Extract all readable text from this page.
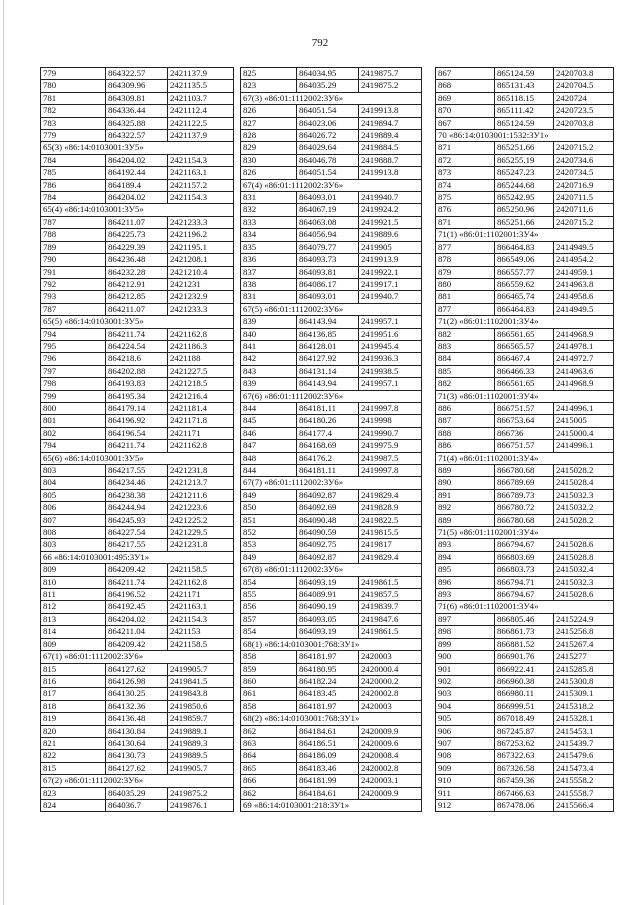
792
779	864322.57	2421137.9
780	864309.96	2421135.5
781	864309.81	2421103.7
782	864336.44	2421112.4
783	864325.88	2421122.5
779	864322.57	2421137.9
65(3) «86:14:0103001:3У5»		
784	864204.02	2421154.3
785	864192.44	2421163.1
786	864189.4	2421157.2
784	864204.02	2421154.3
65(4) «86:14:0103001:3У5»		
787	864211.07	2421233.3
788	864225.73	2421196.2
789	864229.39	2421195.1
790	864236.48	2421208.1
791	864232.28	2421210.4
792	864212.91	2421231
793	864212.85	2421232.9
787	864211.07	2421233.3
65(5) «86:14:0103001:3У5»		
794	864211.74	2421162.8
795	864224.54	2421186.3
796	864218.6	2421188
797	864202.88	2421227.5
798	864193.83	2421218.5
799	864195.34	2421216.4
800	864179.14	2421181.4
801	864196.92	2421171.8
802	864196.54	2421171
794	864211.74	2421162.8
65(6) «86:14:0103001:3У5»		
803	864217.55	2421231.8
804	864234.46	2421213.7
805	864238.38	2421211.6
806	864244.94	2421223.6
807	864245.93	2421225.2
808	864227.54	2421229.5
803	864217.55	2421231.8
66 «86:14:0103001:495:3У1»		
809	864209.42	2421158.5
810	864211.74	2421162.8
811	864196.52	2421171
812	864192.45	2421163.1
813	864204.02	2421154.3
814	864211.04	2421153
809	864209.42	2421158.5
67(1) «86:01:1112002:3У6»		
815	864127.62	2419905.7
816	864126.98	2419841.5
817	864130.25	2419843.8
818	864132.36	2419850.6
819	864136.48	2419859.7
820	864130.84	2419889.1
821	864130.64	2419889.3
822	864130.73	2419889.5
815	864127.62	2419905.7
67(2) «86:01:1112002:3У6»		
823	864035.29	2419875.2
824	864036.7	2419876.1
825	864034.95	2419875.7
823	864035.29	2419875.2
67(3) «86:01:1112002:3У6»		
826	864051.54	2419913.8
827	864023.06	2419894.7
828	864026.72	2419889.4
829	864029.64	2419884.5
830	864046.78	2419888.7
826	864051.54	2419913.8
67(4) «86:01:1112002:3У6»		
831	864093.01	2419940.7
832	864067.19	2419924.2
833	864063.08	2419921.5
834	864056.94	2419889.6
835	864079.77	2419905
836	864093.73	2419913.9
837	864093.81	2419922.1
838	864086.17	2419917.1
831	864093.01	2419940.7
67(5) «86:01:1112002:3У6»		
839	864143.94	2419957.1
840	864136.85	2419951.6
841	864128.01	2419945.4
842	864127.92	2419936.3
843	864131.14	2419938.5
839	864143.94	2419957.1
67(6) «86:01:1112002:3У6»		
844	864181.11	2419997.8
845	864180.26	2419998
846	864177.4	2419990.7
847	864168.69	2419975.9
848	864176.2	2419987.5
844	864181.11	2419997.8
67(7) «86:01:1112002:3У6»		
849	864092.87	2419829.4
850	864092.69	2419828.9
851	864090.48	2419822.5
852	864090.59	2419815.5
853	864092.75	2419817
849	864092.87	2419829.4
67(8) «86:01:1112002:3У6»		
854	864093.19	2419861.5
855	864089.91	2419857.5
856	864090.19	2419839.7
857	864093.05	2419847.6
854	864093.19	2419861.5
68(1) «86:14:0103001:768:3У1»		
858	864181.97	2420003
859	864180.95	2420000.4
860	864182.24	2420000.2
861	864183.45	2420002.8
858	864181.97	2420003
68(2) «86:14:0103001:768:3У1»		
862	864184.61	2420009.9
863	864186.51	2420009.6
864	864186.09	2420008.4
865	864183.46	2420002.8
866	864181.99	2420003.1
862	864184.61	2420009.9
69 «86:14:0103001:218:3У1»		
867	865124.59	2420703.8
868	865131.43	2420704.5
869	865118.15	2420724
870	865111.42	2420723.5
867	865124.59	2420703.8
70 «86:14:0103001:1532:3У1»		
871	865251.66	2420715.2
872	865255.19	2420734.6
873	865247.23	2420734.5
874	865244.68	2420716.9
875	865242.95	2420711.5
876	865250.96	2420711.6
871	865251.66	2420715.2
71(1) «86:01:1102001:3У4»		
877	866464.83	2414949.5
878	866549.06	2414954.2
879	866557.77	2414959.1
880	866559.62	2414963.8
881	866465.74	2414958.6
877	866464.83	2414949.5
71(2) «86:01:1102001:3У4»		
882	866561.65	2414968.9
883	866565.57	2414978.1
884	866467.4	2414972.7
885	866466.33	2414963.6
882	866561.65	2414968.9
71(3) «86:01:1102001:3У4»		
886	866751.57	2414996.1
887	866753.64	2415005
888	866736	2415000.4
886	866751.57	2414996.1
71(4) «86:01:1102001:3У4»		
889	866780.68	2415028.2
890	866789.69	2415028.4
891	866789.73	2415032.3
892	866780.72	2415032.2
889	866780.68	2415028.2
71(5) «86:01:1102001:3У4»		
893	866794.67	2415028.6
894	866803.69	2415028.8
895	866803.73	2415032.4
896	866794.71	2415032.3
893	866794.67	2415028.6
71(6) «86:01:1102001:3У4»		
897	866805.46	2415224.9
898	866861.73	2415256.8
899	866881.52	2415267.4
900	866901.76	2415277
901	866922.41	2415285.8
902	866960.38	2415300.8
903	866980.11	2415309.1
904	866999.51	2415318.2
905	867018.49	2415328.1
906	867245.87	2415453.1
907	867253.62	2415439.7
908	867322.63	2415479.6
909	867326.58	2415473.4
910	867459.36	2415558.2
911	867466.63	2415558.7
912	867478.06	2415566.4
